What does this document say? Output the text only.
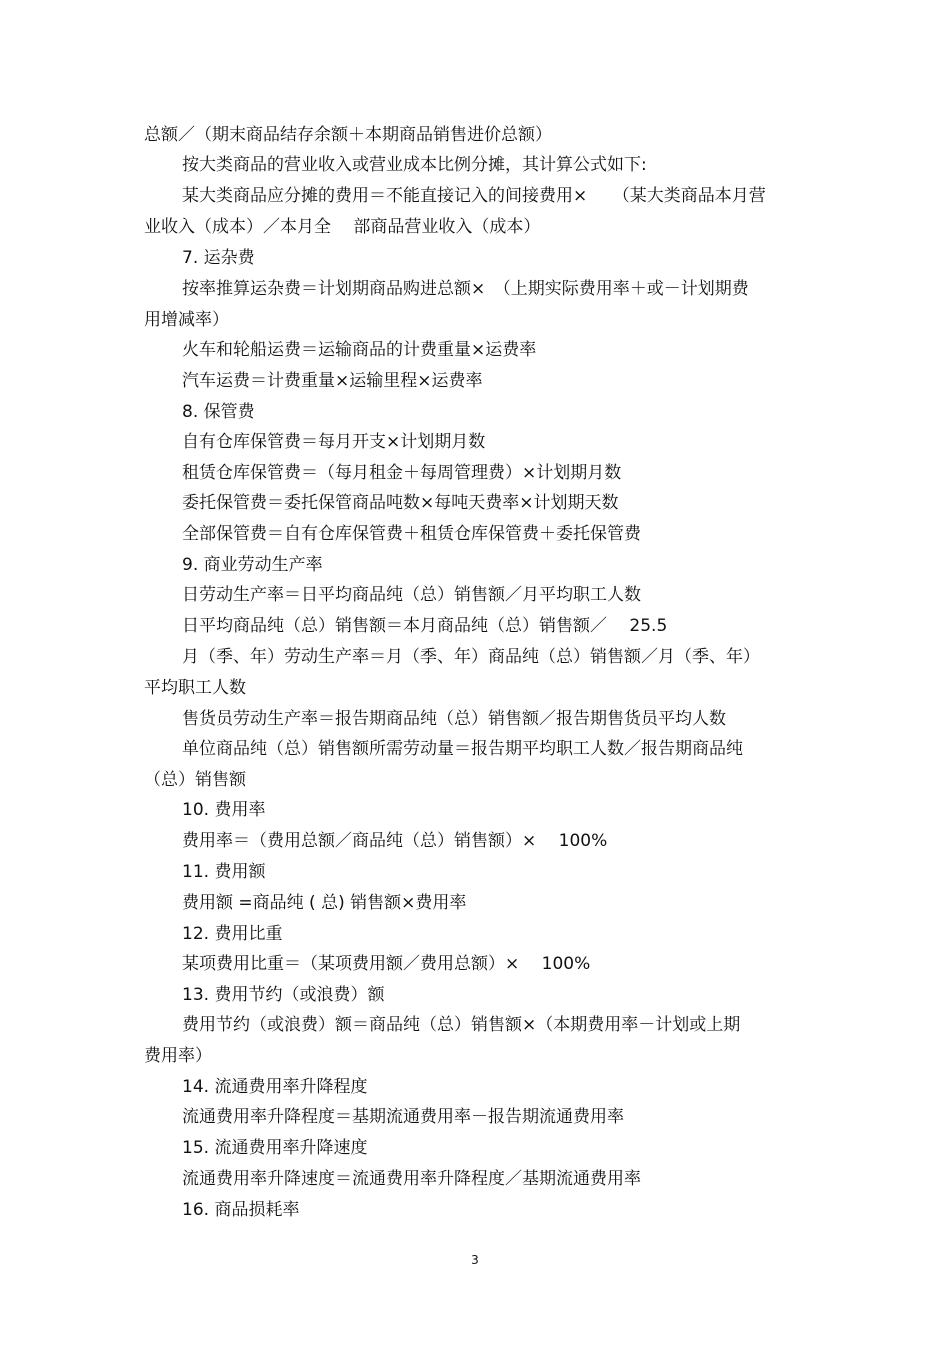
总额／（期末商品结存余额＋本期商品销售进价总额）
按大类商品的营业收入或营业成本比例分摊，其计算公式如下:
某大类商品应分摊的费用＝不能直接记入的间接费用×　　（某大类商品本月营
业收入（成本）／本月全　 部商品营业收入（成本）
7. 运杂费
按率推算运杂费＝计划期商品购进总额×　（上期实际费用率＋或－计划期费
用增减率）
火车和轮船运费＝运输商品的计费重量×运费率
汽车运费＝计费重量×运输里程×运费率
8. 保管费
自有仓库保管费＝每月开支×计划期月数
租赁仓库保管费＝（每月租金＋每周管理费）×计划期月数
委托保管费＝委托保管商品吨数×每吨天费率×计划期天数
全部保管费＝自有仓库保管费＋租赁仓库保管费＋委托保管费
9. 商业劳动生产率
日劳动生产率＝日平均商品纯（总）销售额／月平均职工人数
日平均商品纯（总）销售额＝本月商品纯（总）销售额／　 25.5
月（季、年）劳动生产率＝月（季、年）商品纯（总）销售额／月（季、年）
平均职工人数
售货员劳动生产率＝报告期商品纯（总）销售额／报告期售货员平均人数
单位商品纯（总）销售额所需劳动量＝报告期平均职工人数／报告期商品纯
（总）销售额
10. 费用率
费用率＝（费用总额／商品纯（总）销售额）×　 100%
11. 费用额
费用额 =商品纯 ( 总) 销售额×费用率
12. 费用比重
某项费用比重＝（某项费用额／费用总额）×　 100%
13. 费用节约（或浪费）额
费用节约（或浪费）额＝商品纯（总）销售额×（本期费用率－计划或上期
费用率）
14. 流通费用率升降程度
流通费用率升降程度＝基期流通费用率－报告期流通费用率
15. 流通费用率升降速度
流通费用率升降速度＝流通费用率升降程度／基期流通费用率
16. 商品损耗率
3
